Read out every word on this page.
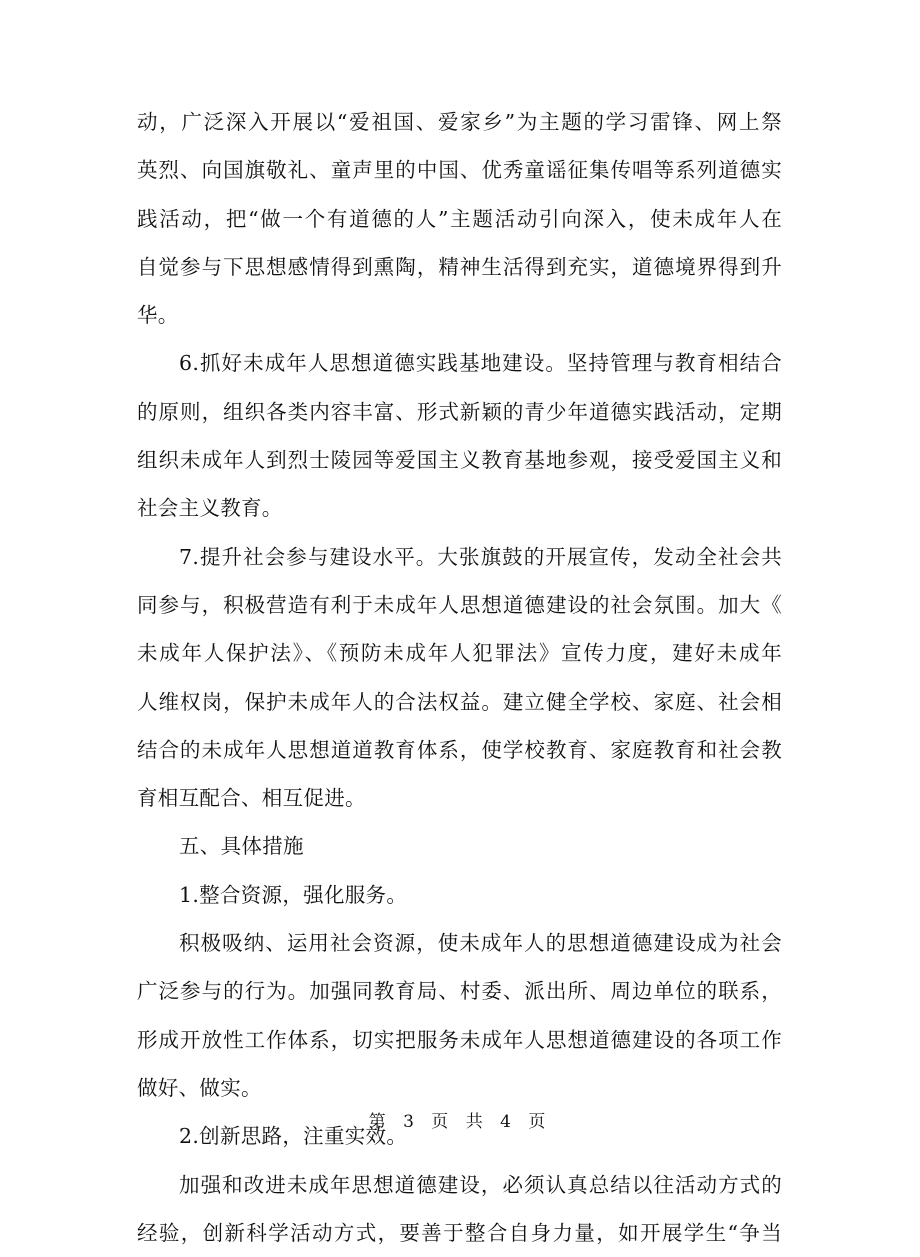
动，广泛深入开展以“爱祖国、爱家乡”为主题的学习雷锋、网上祭
英烈、向国旗敬礼、童声里的中国、优秀童谣征集传唱等系列道德实
践活动，把“做一个有道德的人”主题活动引向深入，使未成年人在
自觉参与下思想感情得到熏陶，精神生活得到充实，道德境界得到升
华。
6.抓好未成年人思想道德实践基地建设。坚持管理与教育相结合
的原则，组织各类内容丰富、形式新颖的青少年道德实践活动，定期
组织未成年人到烈士陵园等爱国主义教育基地参观，接受爱国主义和
社会主义教育。
7.提升社会参与建设水平。大张旗鼓的开展宣传，发动全社会共
同参与，积极营造有利于未成年人思想道德建设的社会氛围。加大《
未成年人保护法》、《预防未成年人犯罪法》宣传力度，建好未成年
人维权岗，保护未成年人的合法权益。建立健全学校、家庭、社会相
结合的未成年人思想道道教育体系，使学校教育、家庭教育和社会教
育相互配合、相互促进。
五、具体措施
1.整合资源，强化服务。
积极吸纳、运用社会资源，使未成年人的思想道德建设成为社会
广泛参与的行为。加强同教育局、村委、派出所、周边单位的联系，
形成开放性工作体系，切实把服务未成年人思想道德建设的各项工作
做好、做实。
2.创新思路，注重实效。
加强和改进未成年思想道德建设，必须认真总结以往活动方式的
经验，创新科学活动方式，要善于整合自身力量，如开展学生“争当
第 3 页 共 4 页
